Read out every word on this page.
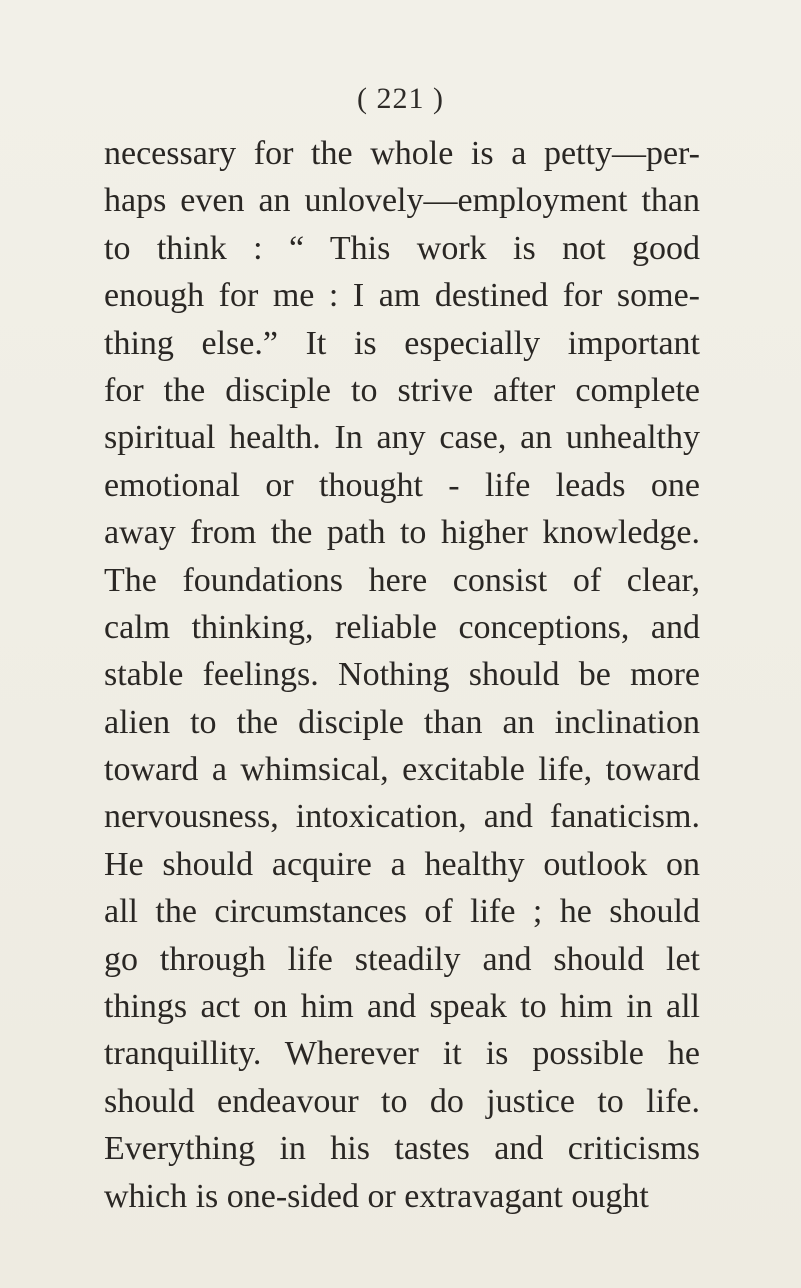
( 221 )
necessary for the whole is a petty—per-
haps even an unlovely—employment than
to think : “ This work is not good
enough for me : I am destined for some-
thing else.” It is especially important
for the disciple to strive after complete
spiritual health. In any case, an unhealthy
emotional or thought - life leads one
away from the path to higher knowledge.
The foundations here consist of clear,
calm thinking, reliable conceptions, and
stable feelings. Nothing should be more
alien to the disciple than an inclination
toward a whimsical, excitable life, toward
nervousness, intoxication, and fanaticism.
He should acquire a healthy outlook on
all the circumstances of life ; he should
go through life steadily and should let
things act on him and speak to him in all
tranquillity. Wherever it is possible he
should endeavour to do justice to life.
Everything in his tastes and criticisms
which is one-sided or extravagant ought
